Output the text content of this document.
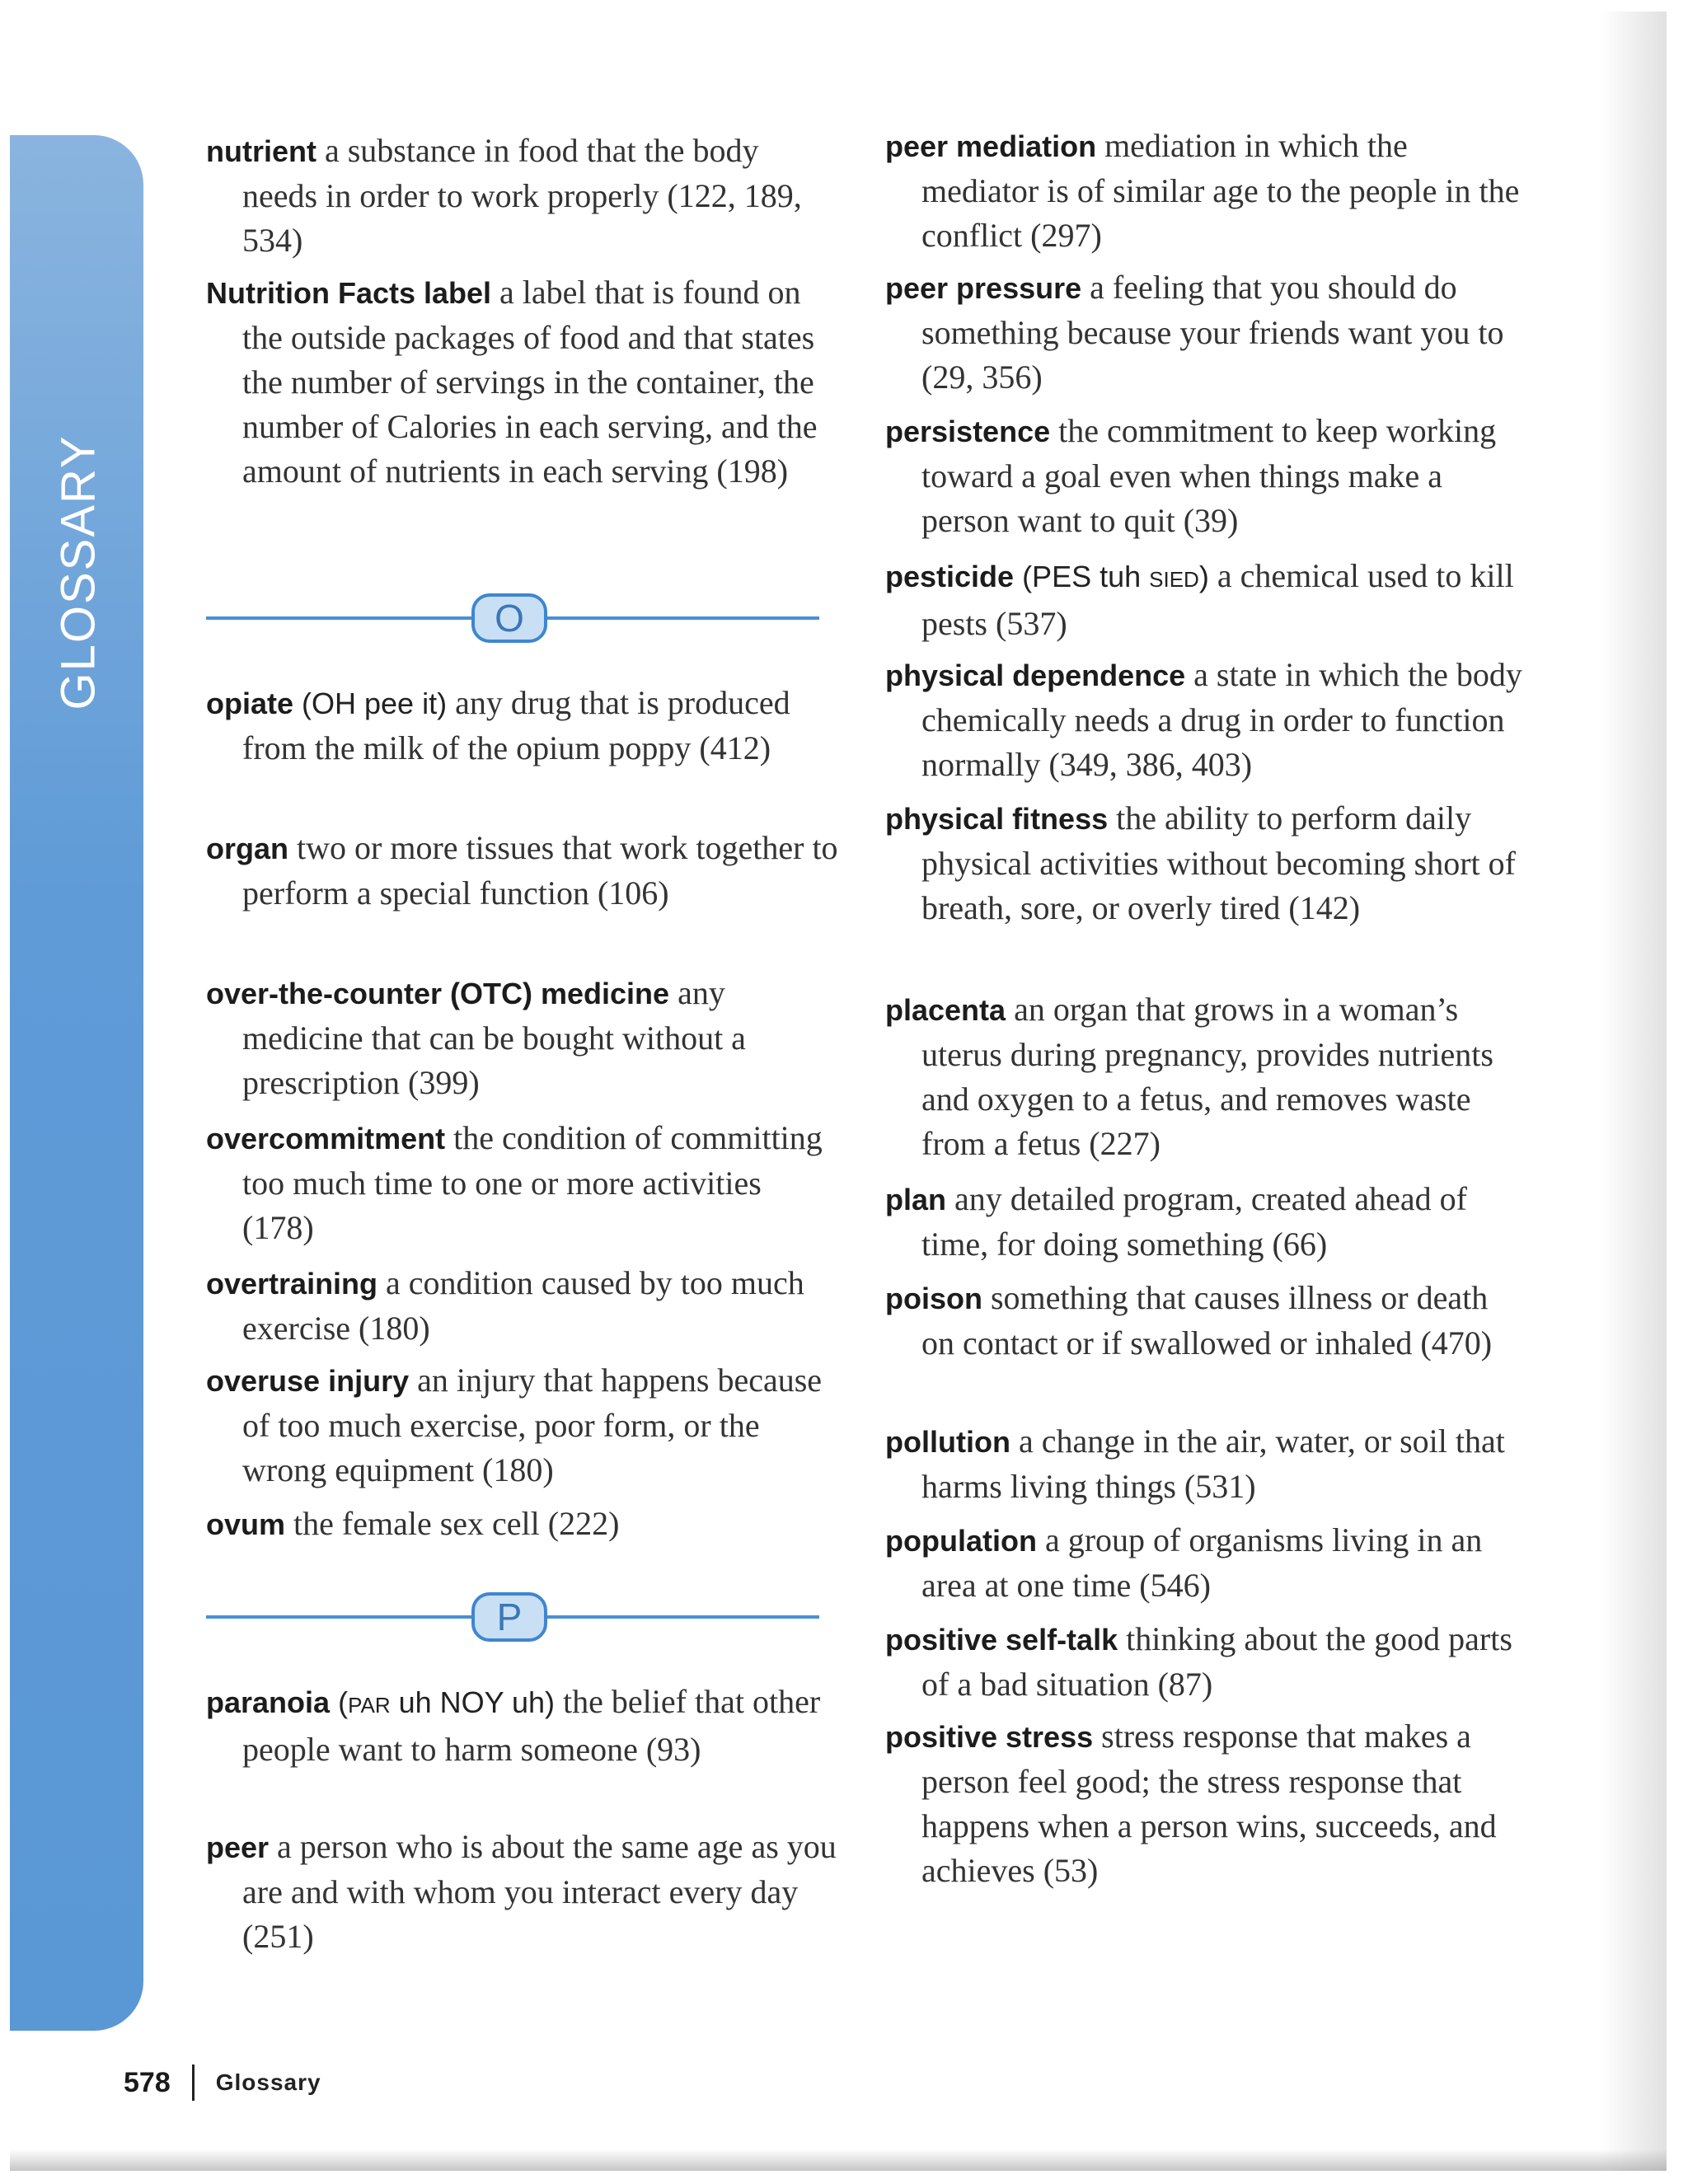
GLOSSARY
nutrient a substance in food that the body needs in order to work properly (122, 189, 534)
Nutrition Facts label a label that is found on the outside packages of food and that states the number of servings in the container, the number of Calories in each serving, and the amount of nutrients in each serving (198)
O
opiate (OH pee it) any drug that is produced from the milk of the opium poppy (412)
organ two or more tissues that work together to perform a special function (106)
over-the-counter (OTC) medicine any medicine that can be bought without a prescription (399)
overcommitment the condition of committing too much time to one or more activities (178)
overtraining a condition caused by too much exercise (180)
overuse injury an injury that happens because of too much exercise, poor form, or the wrong equipment (180)
ovum the female sex cell (222)
P
paranoia (PAR uh NOY uh) the belief that other people want to harm someone (93)
peer a person who is about the same age as you are and with whom you interact every day (251)
peer mediation mediation in which the mediator is of similar age to the people in the conflict (297)
peer pressure a feeling that you should do something because your friends want you to (29, 356)
persistence the commitment to keep working toward a goal even when things make a person want to quit (39)
pesticide (PES tuh SIED) a chemical used to kill pests (537)
physical dependence a state in which the body chemically needs a drug in order to function normally (349, 386, 403)
physical fitness the ability to perform daily physical activities without becoming short of breath, sore, or overly tired (142)
placenta an organ that grows in a woman’s uterus during pregnancy, provides nutrients and oxygen to a fetus, and removes waste from a fetus (227)
plan any detailed program, created ahead of time, for doing something (66)
poison something that causes illness or death on contact or if swallowed or inhaled (470)
pollution a change in the air, water, or soil that harms living things (531)
population a group of organisms living in an area at one time (546)
positive self-talk thinking about the good parts of a bad situation (87)
positive stress stress response that makes a person feel good; the stress response that happens when a person wins, succeeds, and achieves (53)
578 Glossary
